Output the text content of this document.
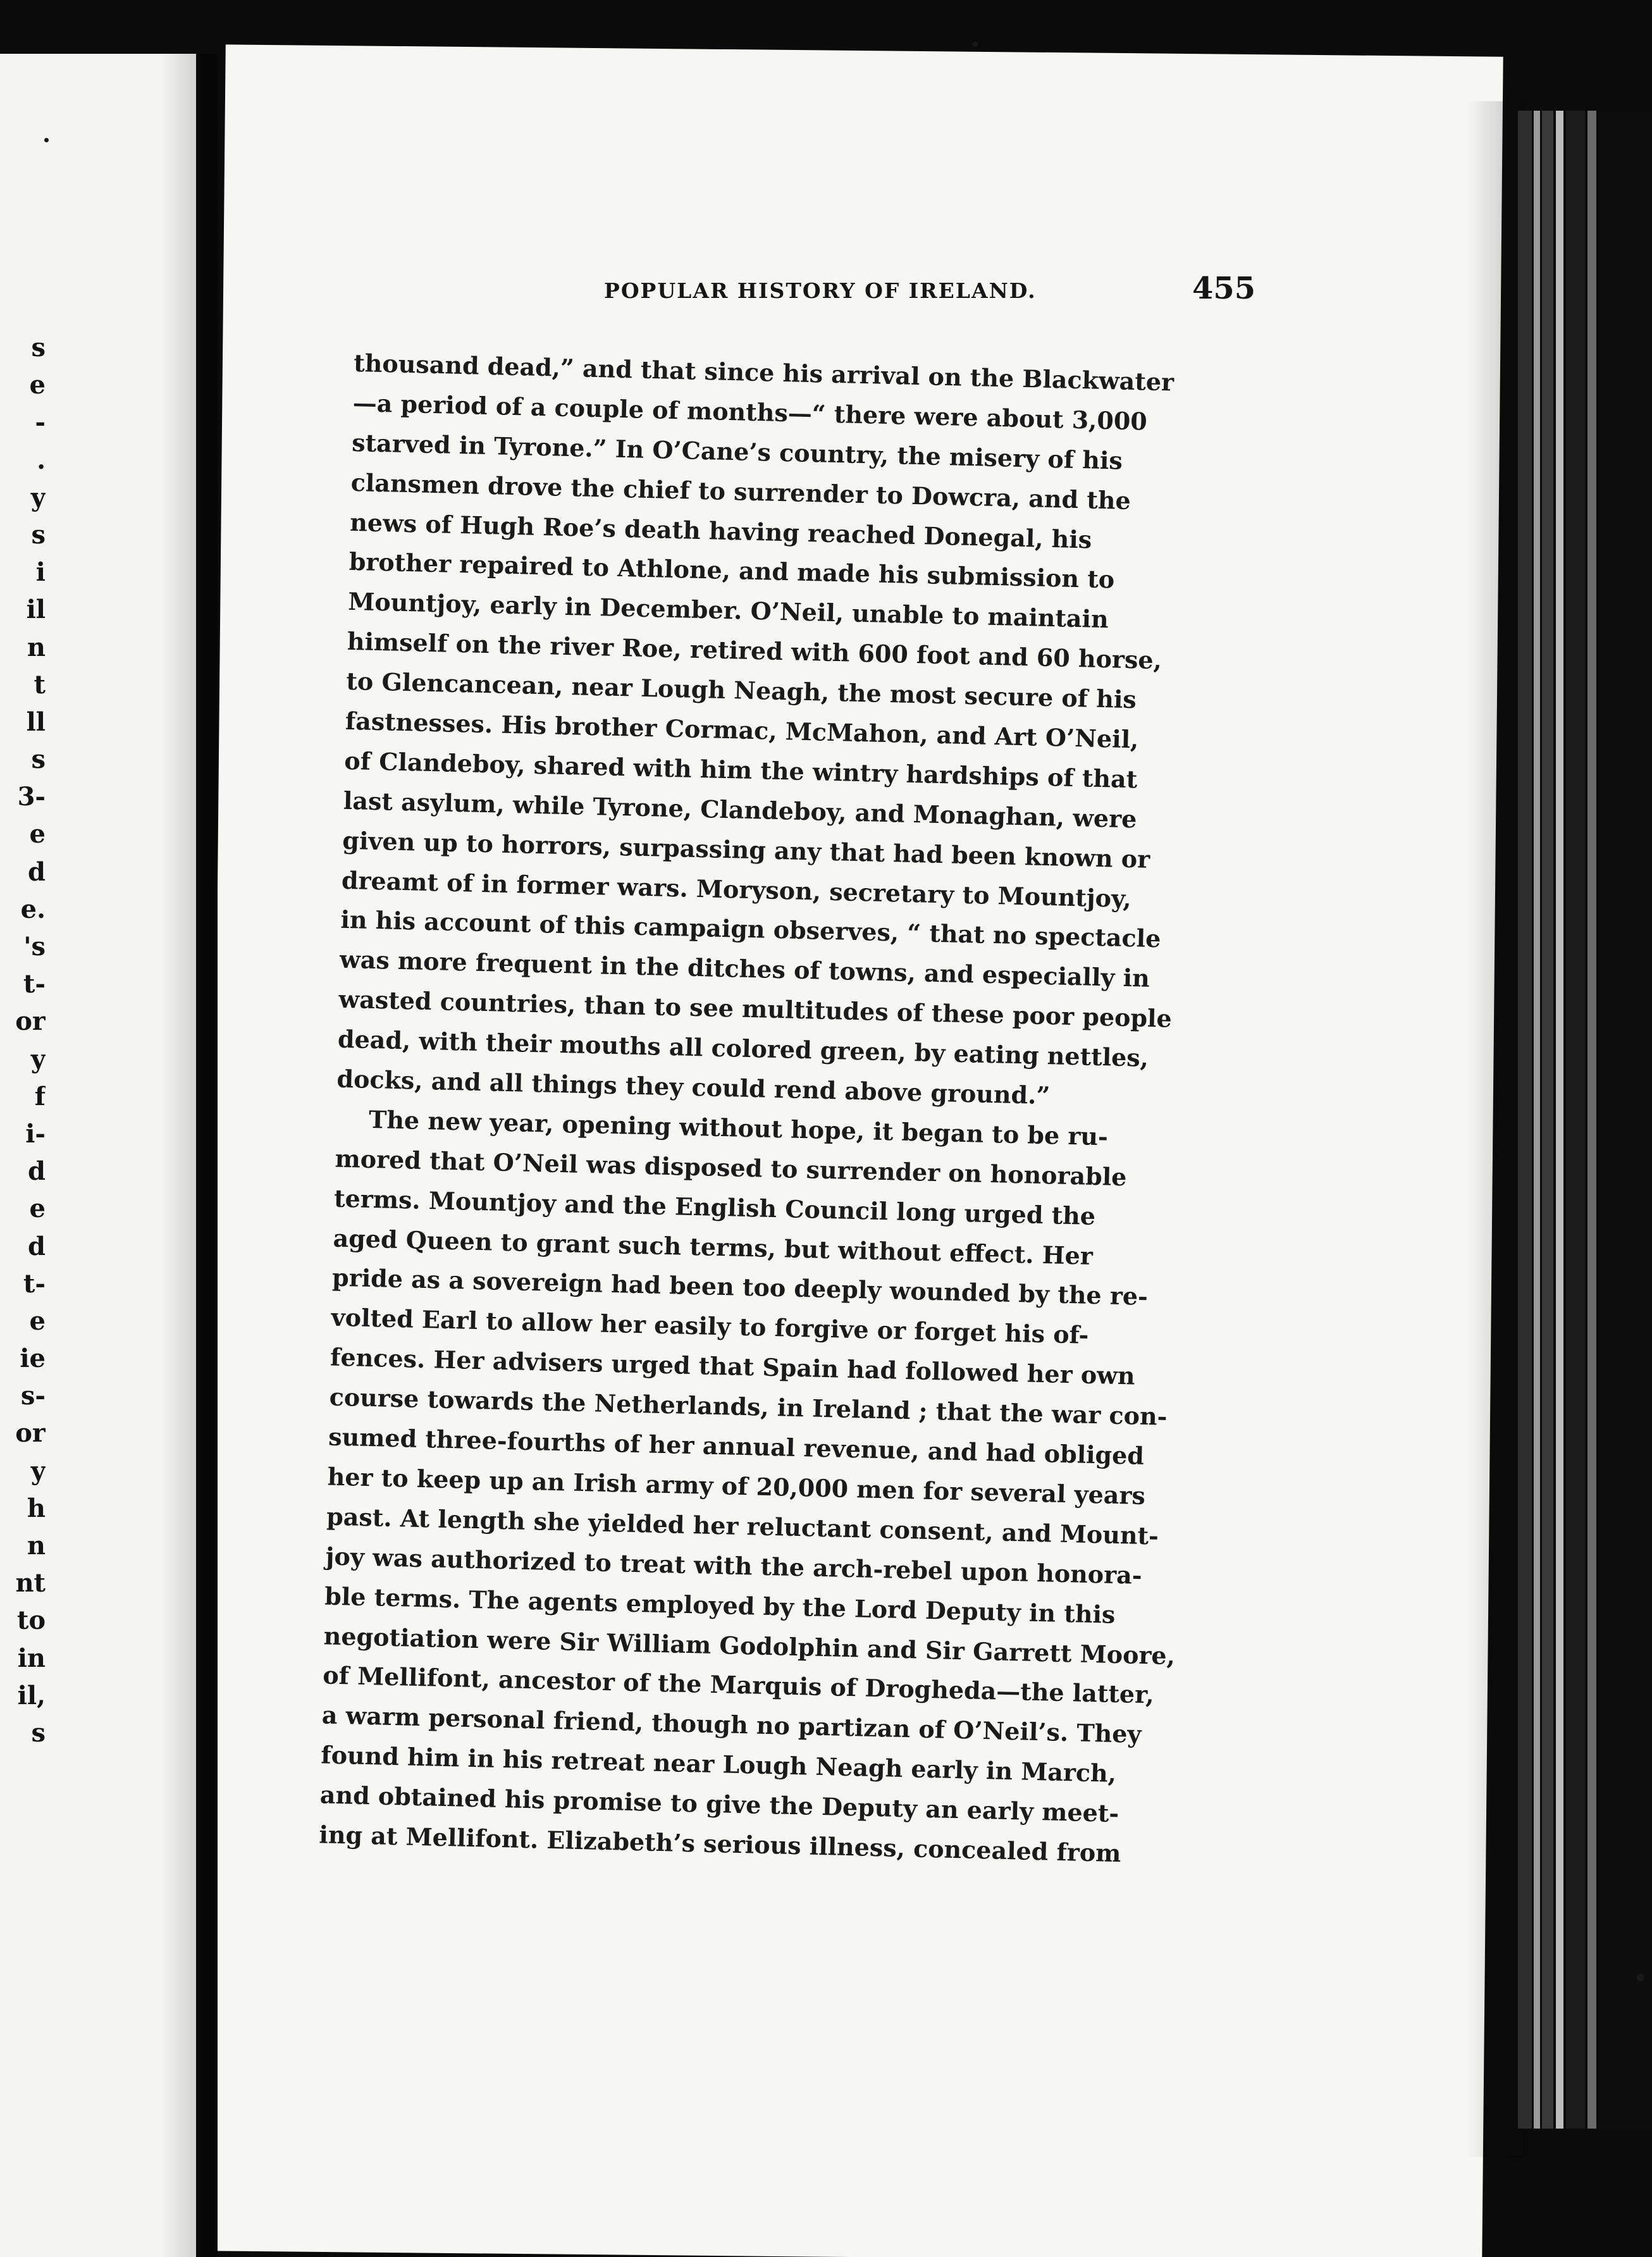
s
e
-
.
y
s
i
il
n
t
ll
s
3-
e
d
e.
's
t-
or
y
f
i-
d
e
d
t-
e
ie
s-
or
y
h
n
nt
to
in
il,
s
POPULAR HISTORY OF IRELAND.	455
thousand dead,” and that since his arrival on the Blackwater
—a period of a couple of months—“ there were about 3,000
starved in Tyrone.” In O’Cane’s country, the misery of his
clansmen drove the chief to surrender to Dowcra, and the
news of Hugh Roe’s death having reached Donegal, his
brother repaired to Athlone, and made his submission to
Mountjoy, early in December. O’Neil, unable to maintain
himself on the river Roe, retired with 600 foot and 60 horse,
to Glencancean, near Lough Neagh, the most secure of his
fastnesses. His brother Cormac, McMahon, and Art O’Neil,
of Clandeboy, shared with him the wintry hardships of that
last asylum, while Tyrone, Clandeboy, and Monaghan, were
given up to horrors, surpassing any that had been known or
dreamt of in former wars. Moryson, secretary to Mountjoy,
in his account of this campaign observes, “ that no spectacle
was more frequent in the ditches of towns, and especially in
wasted countries, than to see multitudes of these poor people
dead, with their mouths all colored green, by eating nettles,
docks, and all things they could rend above ground.”
The new year, opening without hope, it began to be ru-
mored that O’Neil was disposed to surrender on honorable
terms. Mountjoy and the English Council long urged the
aged Queen to grant such terms, but without effect. Her
pride as a sovereign had been too deeply wounded by the re-
volted Earl to allow her easily to forgive or forget his of-
fences. Her advisers urged that Spain had followed her own
course towards the Netherlands, in Ireland ; that the war con-
sumed three-fourths of her annual revenue, and had obliged
her to keep up an Irish army of 20,000 men for several years
past. At length she yielded her reluctant consent, and Mount-
joy was authorized to treat with the arch-rebel upon honora-
ble terms. The agents employed by the Lord Deputy in this
negotiation were Sir William Godolphin and Sir Garrett Moore,
of Mellifont, ancestor of the Marquis of Drogheda—the latter,
a warm personal friend, though no partizan of O’Neil’s. They
found him in his retreat near Lough Neagh early in March,
and obtained his promise to give the Deputy an early meet-
ing at Mellifont. Elizabeth’s serious illness, concealed from
